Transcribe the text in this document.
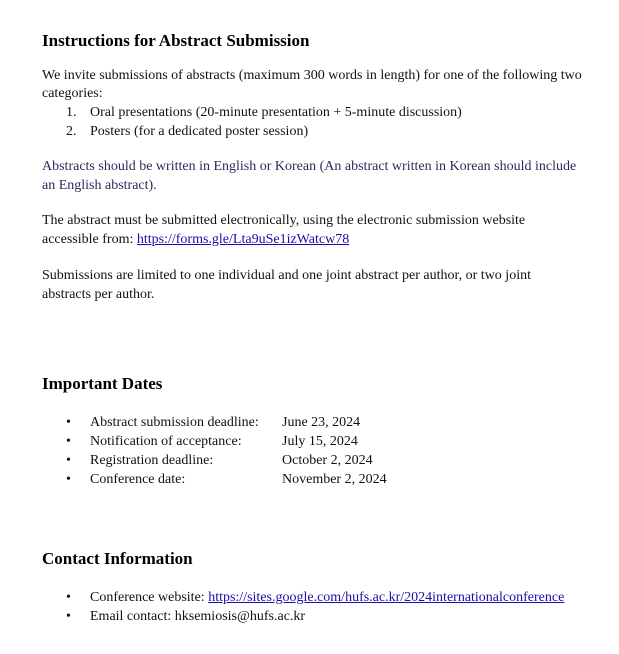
Instructions for Abstract Submission
We invite submissions of abstracts (maximum 300 words in length) for one of the following two
categories:
1. Oral presentations (20-minute presentation + 5-minute discussion)
2. Posters (for a dedicated poster session)
Abstracts should be written in English or Korean (An abstract written in Korean should include
an English abstract).
The abstract must be submitted electronically, using the electronic submission website
accessible from: https://forms.gle/Lta9uSe1izWatcw78
Submissions are limited to one individual and one joint abstract per author, or two joint
abstracts per author.
Important Dates
• Abstract submission deadline: June 23, 2024
• Notification of acceptance:	July 15, 2024
• Registration deadline:	October 2, 2024
• Conference date:	November 2, 2024
Contact Information
• Conference website: https://sites.google.com/hufs.ac.kr/2024internationalconference
• Email contact: hksemiosis@hufs.ac.kr
